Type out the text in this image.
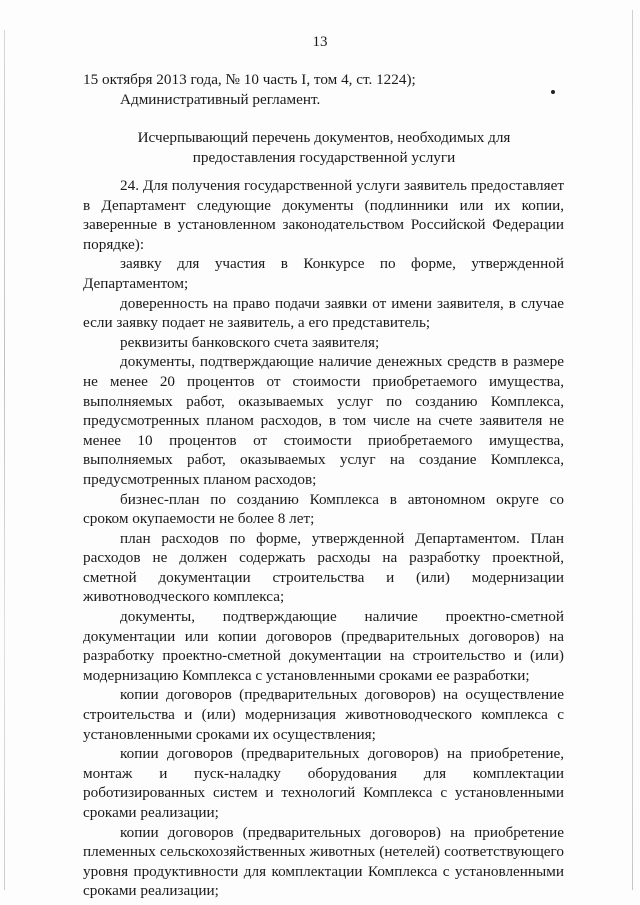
13

15 октября 2013 года, № 10 часть I, том 4, ст. 1224);

Административный регламент.

Исчерпывающий перечень документов, необходимых для предоставления государственной услуги

24. Для получения государственной услуги заявитель предоставляет в Департамент следующие документы (подлинники или их копии, заверенные в установленном законодательством Российской Федерации порядке):

заявку для участия в Конкурсе по форме, утвержденной Департаментом;

доверенность на право подачи заявки от имени заявителя, в случае если заявку подает не заявитель, а его представитель;

реквизиты банковского счета заявителя;

документы, подтверждающие наличие денежных средств в размере не менее 20 процентов от стоимости приобретаемого имущества, выполняемых работ, оказываемых услуг по созданию Комплекса, предусмотренных планом расходов, в том числе на счете заявителя не менее 10 процентов от стоимости приобретаемого имущества, выполняемых работ, оказываемых услуг на создание Комплекса, предусмотренных планом расходов;

бизнес-план по созданию Комплекса в автономном округе со сроком окупаемости не более 8 лет;

план расходов по форме, утвержденной Департаментом. План расходов не должен содержать расходы на разработку проектной, сметной документации строительства и (или) модернизации животноводческого комплекса;

документы, подтверждающие наличие проектно-сметной документации или копии договоров (предварительных договоров) на разработку проектно-сметной документации на строительство и (или) модернизацию Комплекса с установленными сроками ее разработки;

копии договоров (предварительных договоров) на осуществление строительства и (или) модернизация животноводческого комплекса с установленными сроками их осуществления;

копии договоров (предварительных договоров) на приобретение, монтаж и пуск-наладку оборудования для комплектации роботизированных систем и технологий Комплекса с установленными сроками реализации;

копии договоров (предварительных договоров) на приобретение племенных сельскохозяйственных животных (нетелей) соответствующего уровня продуктивности для комплектации Комплекса с установленными сроками реализации;
